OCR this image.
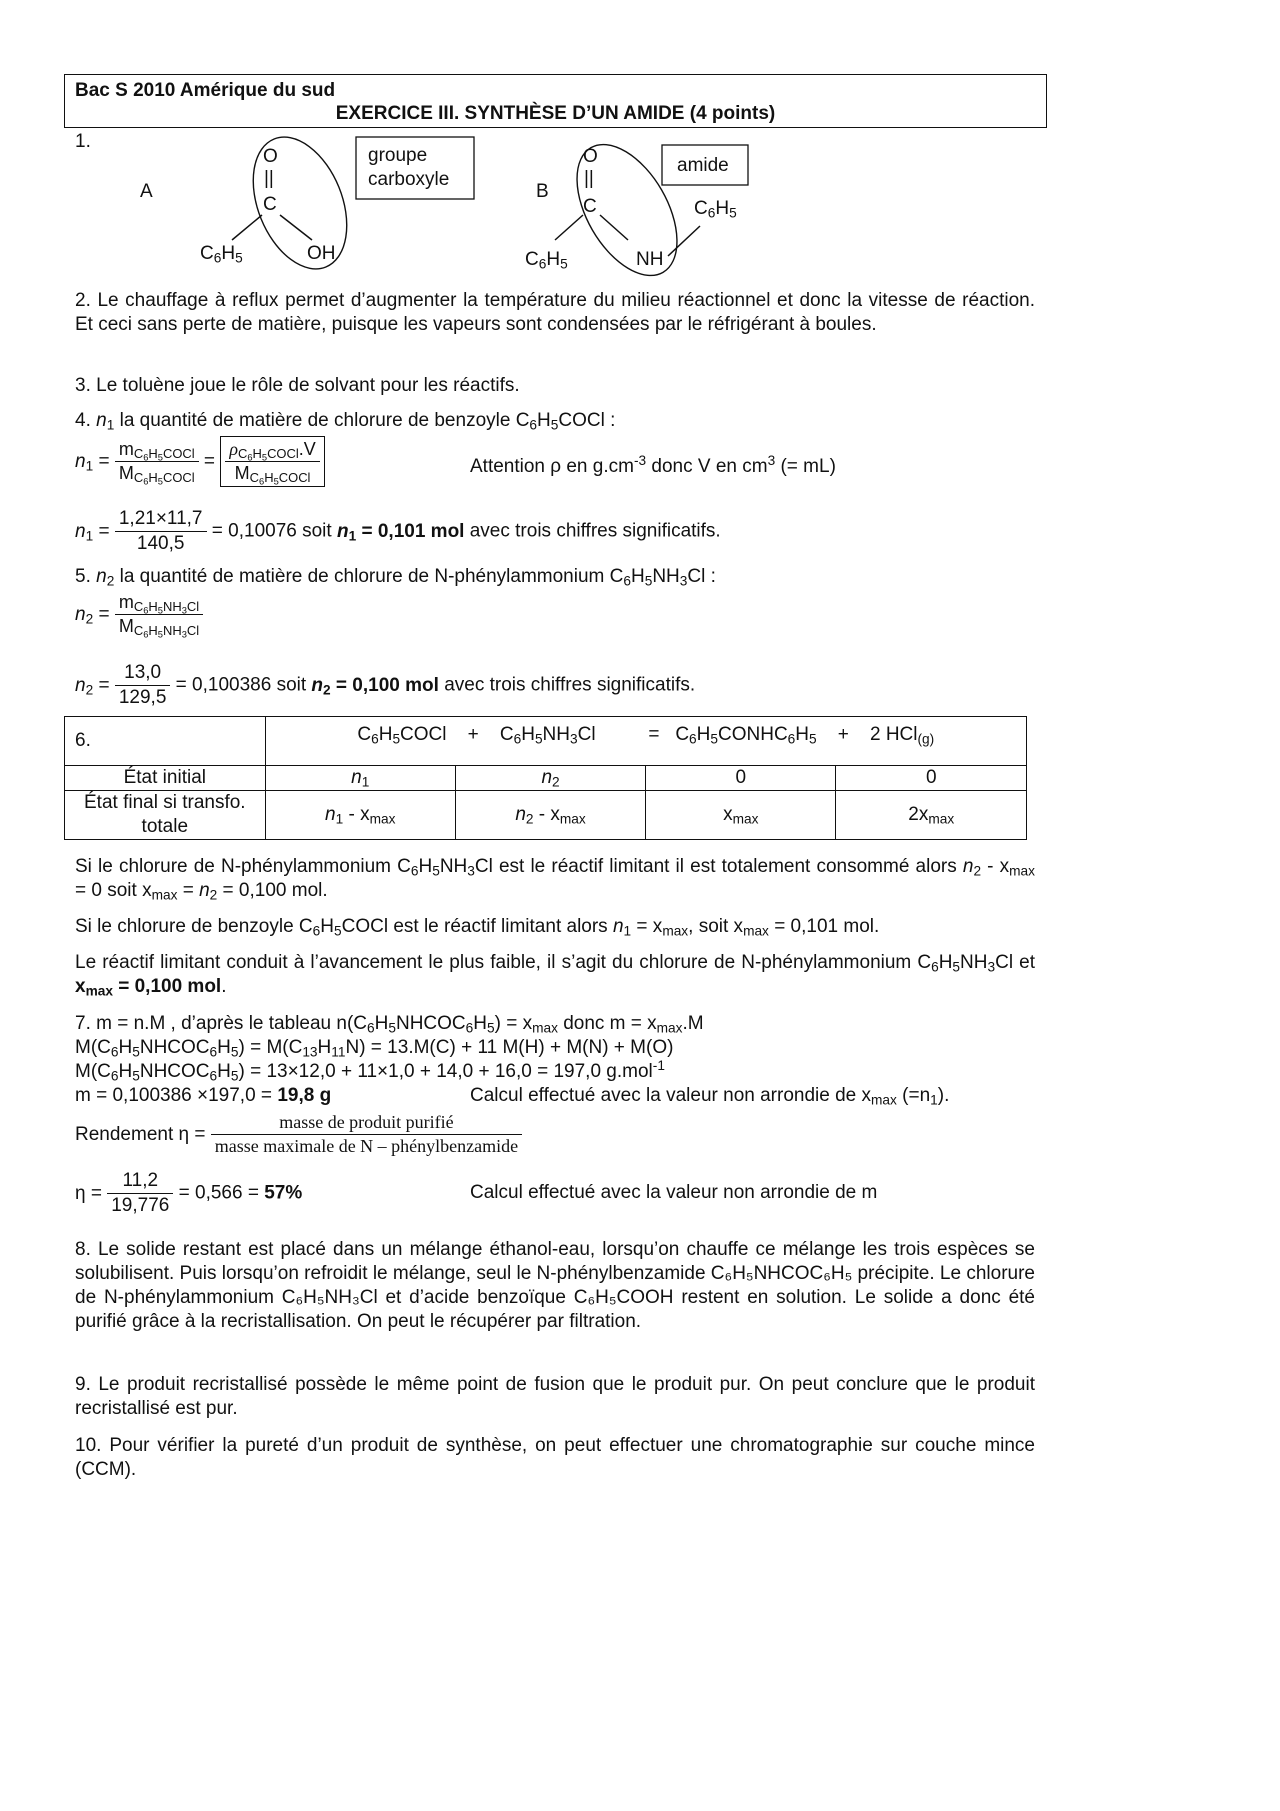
Bac S 2010 Amérique du sud
EXERCICE III. SYNTHÈSE D’UN AMIDE (4 points)
1.
A
O
||
C
$C_6H_5$	OH
groupe
carboxyle
B
O
||
C
$C_6H_5$	NH
$C_6H_5$
amide
2. Le chauffage à reflux permet d’augmenter la température du milieu réactionnel et donc la vitesse de réaction. Et ceci sans perte de matière, puisque les vapeurs sont condensées par le réfrigérant à boules.
3. Le toluène joue le rôle de solvant pour les réactifs.
4. $n_1$ la quantité de matière de chlorure de benzoyle $C_6H_5COCl$ :
$n_1 = \frac{m_{C_6H_5COCl}}{M_{C_6H_5COCl}} = \frac{\rho_{C_6H_5COCl}.V}{M_{C_6H_5COCl}}$	Attention ρ en $g.cm^{-3}$ donc V en $cm^3$ (= mL)
$n_1 = \frac{1,21\times 11,7}{140,5} = 0,10076$ soit $n_1 = 0,101$ mol avec trois chiffres significatifs.
5. $n_2$ la quantité de matière de chlorure de N-phénylammonium $C_6H_5NH_3Cl$ :
$n_2 = \frac{m_{C_6H_5NH_3Cl}}{M_{C_6H_5NH_3Cl}}$
$n_2 = \frac{13,0}{129,5} = 0,100386$ soit $n_2 = 0,100$ mol avec trois chiffres significatifs.
6.	$C_6H_5COCl + C_6H_5NH_3Cl$ = $C_6H_5CONHC_6H_5 + 2$ HCl$_{(g)}$
État initial	$n_1$	$n_2$	0	0
État final si transfo. totale	$n_1 - x_{max}$	$n_2 - x_{max}$	$x_{max}$	$2x_{max}$
Si le chlorure de N-phénylammonium $C_6H_5NH_3Cl$ est le réactif limitant il est totalement consommé alors $n_2 - x_{max} = 0$ soit $x_{max} = n_2 = 0,100$ mol.
Si le chlorure de benzoyle $C_6H_5COCl$ est le réactif limitant alors $n_1 = x_{max}$, soit $x_{max} = 0,101$ mol.
Le réactif limitant conduit à l’avancement le plus faible, il s’agit du chlorure de N-phénylammonium $C_6H_5NH_3Cl$ et $x_{max} = 0,100$ mol.
7. m = n.M , d’après le tableau $n(C_6H_5NHCOC_6H_5) = x_{max}$ donc $m = x_{max}.M$
$M(C_6H_5NHCOC_6H_5) = M(C_{13}H_{11}N) = 13.M(C) + 11$ M(H) + M(N) + M(O)
$M(C_6H_5NHCOC_6H_5) = 13\times 12,0 + 11\times 1,0 + 14,0 + 16,0 = 197,0$ g.mol$^{-1}$
m = 0,100386 ×197,0 = 19,8 g	Calcul effectué avec la valeur non arrondie de $x_{max}$ $(=n_1)$.
Rendement $\eta = \frac{\text{masse de produit purifié}}{\text{masse maximale de N – phénylbenzamide}}$
$\eta = \frac{11,2}{19,776} = 0,566 = 57\%$	Calcul effectué avec la valeur non arrondie de m
8. Le solide restant est placé dans un mélange éthanol-eau, lorsqu’on chauffe ce mélange les trois espèces se solubilisent. Puis lorsqu’on refroidit le mélange, seul le N-phénylbenzamide C₆H₅NHCOC₆H₅ précipite. Le chlorure de N-phénylammonium C₆H₅NH₃Cl et d’acide benzoïque C₆H₅COOH restent en solution. Le solide a donc été purifié grâce à la recristallisation. On peut le récupérer par filtration.
9. Le produit recristallisé possède le même point de fusion que le produit pur. On peut conclure que le produit recristallisé est pur.
10. Pour vérifier la pureté d’un produit de synthèse, on peut effectuer une chromatographie sur couche mince (CCM).
